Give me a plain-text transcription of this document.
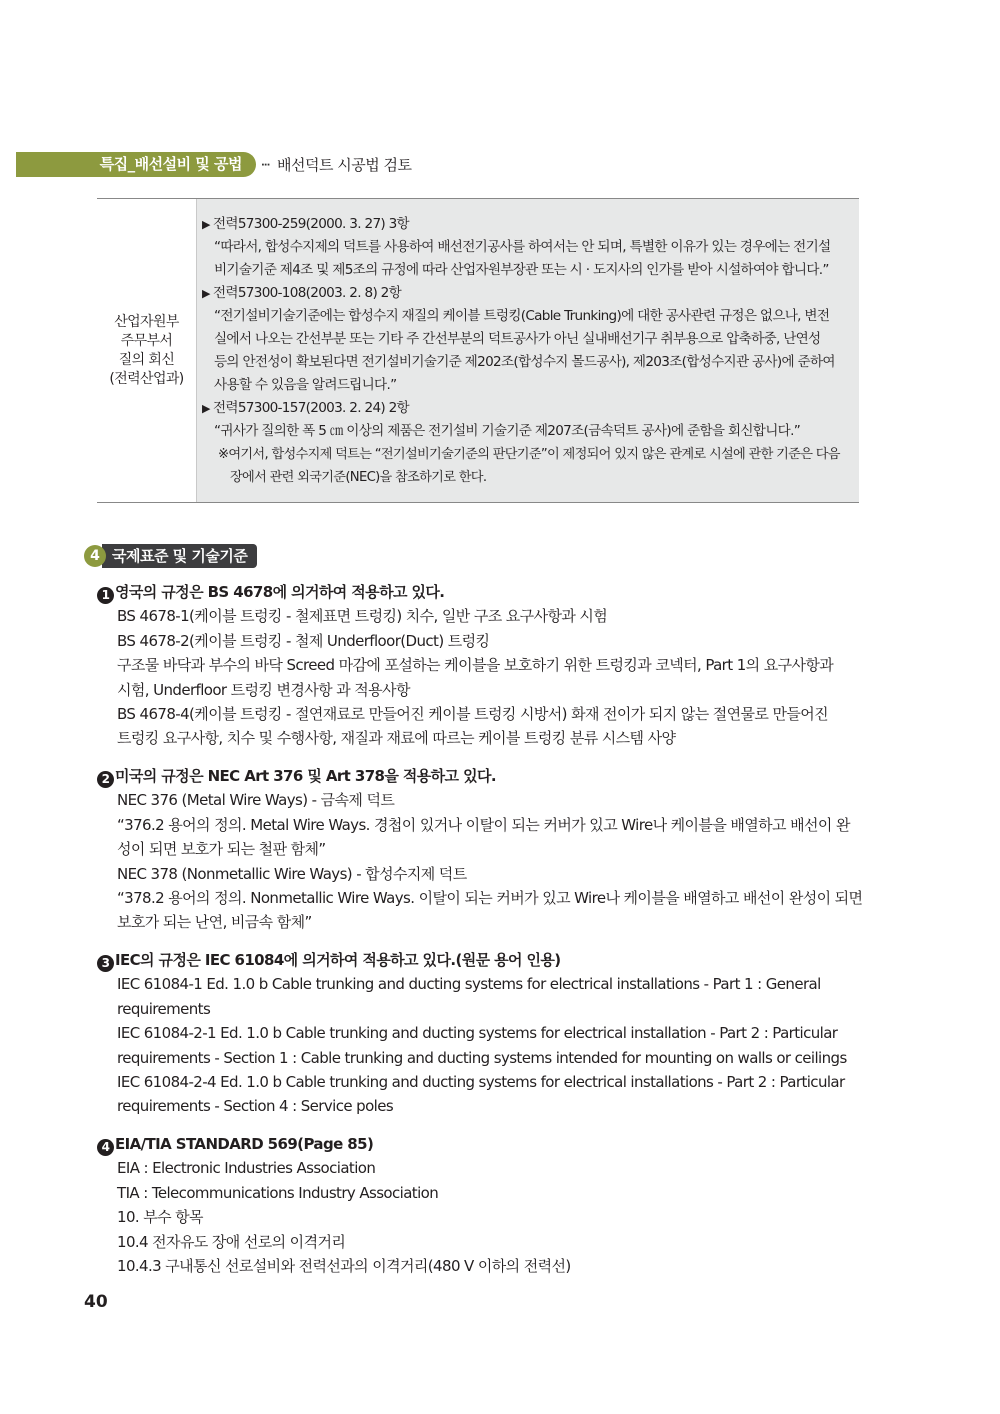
특집_배선설비 및 공법	··· 배선덕트 시공법 검토
산업자원부
주무부서
질의 회신
(전력산업과)
▶ 전력57300-259(2000. 3. 27) 3항
“따라서, 합성수지제의 덕트를 사용하여 배선전기공사를 하여서는 안 되며, 특별한 이유가 있는 경우에는 전기설
비기술기준 제4조 및 제5조의 규정에 따라 산업자원부장관 또는 시 · 도지사의 인가를 받아 시설하여야 합니다.”
▶ 전력57300-108(2003. 2. 8) 2항
“전기설비기술기준에는 합성수지 재질의 케이블 트렁킹(Cable Trunking)에 대한 공사관련 규정은 없으나, 변전
실에서 나오는 간선부분 또는 기타 주 간선부분의 덕트공사가 아닌 실내배선기구 취부용으로 압축하중, 난연성
등의 안전성이 확보된다면 전기설비기술기준 제202조(합성수지 몰드공사), 제203조(합성수지관 공사)에 준하여
사용할 수 있음을 알려드립니다.”
▶ 전력57300-157(2003. 2. 24) 2항
“귀사가 질의한 폭 5 ㎝ 이상의 제품은 전기설비 기술기준 제207조(금속덕트 공사)에 준함을 회신합니다.”
※여기서, 합성수지제 덕트는 “전기설비기술기준의 판단기준”이 제정되어 있지 않은 관계로 시설에 관한 기준은 다음
장에서 관련 외국기준(NEC)을 참조하기로 한다.
4 국제표준 및 기술기준
1 영국의 규정은 BS 4678에 의거하여 적용하고 있다.
BS 4678-1(케이블 트렁킹 - 철제표면 트렁킹) 치수, 일반 구조 요구사항과 시험
BS 4678-2(케이블 트렁킹 - 철제 Underfloor(Duct) 트렁킹
구조물 바닥과 부수의 바닥 Screed 마감에 포설하는 케이블을 보호하기 위한 트렁킹과 코넥터, Part 1의 요구사항과
시험, Underfloor 트렁킹 변경사항 과 적용사항
BS 4678-4(케이블 트렁킹 - 절연재료로 만들어진 케이블 트렁킹 시방서) 화재 전이가 되지 않는 절연물로 만들어진
트렁킹 요구사항, 치수 및 수행사항, 재질과 재료에 따르는 케이블 트렁킹 분류 시스템 사양
2 미국의 규정은 NEC Art 376 및 Art 378을 적용하고 있다.
NEC 376 (Metal Wire Ways) - 금속제 덕트
“376.2 용어의 정의. Metal Wire Ways. 경첩이 있거나 이탈이 되는 커버가 있고 Wire나 케이블을 배열하고 배선이 완
성이 되면 보호가 되는 철판 함체”
NEC 378 (Nonmetallic Wire Ways) - 합성수지제 덕트
“378.2 용어의 정의. Nonmetallic Wire Ways. 이탈이 되는 커버가 있고 Wire나 케이블을 배열하고 배선이 완성이 되면
보호가 되는 난연, 비금속 함체”
3 IEC의 규정은 IEC 61084에 의거하여 적용하고 있다.(원문 용어 인용)
IEC 61084-1 Ed. 1.0 b Cable trunking and ducting systems for electrical installations - Part 1 : General
requirements
IEC 61084-2-1 Ed. 1.0 b Cable trunking and ducting systems for electrical installation - Part 2 : Particular
requirements - Section 1 : Cable trunking and ducting systems intended for mounting on walls or ceilings
IEC 61084-2-4 Ed. 1.0 b Cable trunking and ducting systems for electrical installations - Part 2 : Particular
requirements - Section 4 : Service poles
4 EIA/TIA STANDARD 569(Page 85)
EIA : Electronic Industries Association
TIA : Telecommunications Industry Association
10. 부수 항목
10.4 전자유도 장애 선로의 이격거리
10.4.3 구내통신 선로설비와 전력선과의 이격거리(480 V 이하의 전력선)
40
